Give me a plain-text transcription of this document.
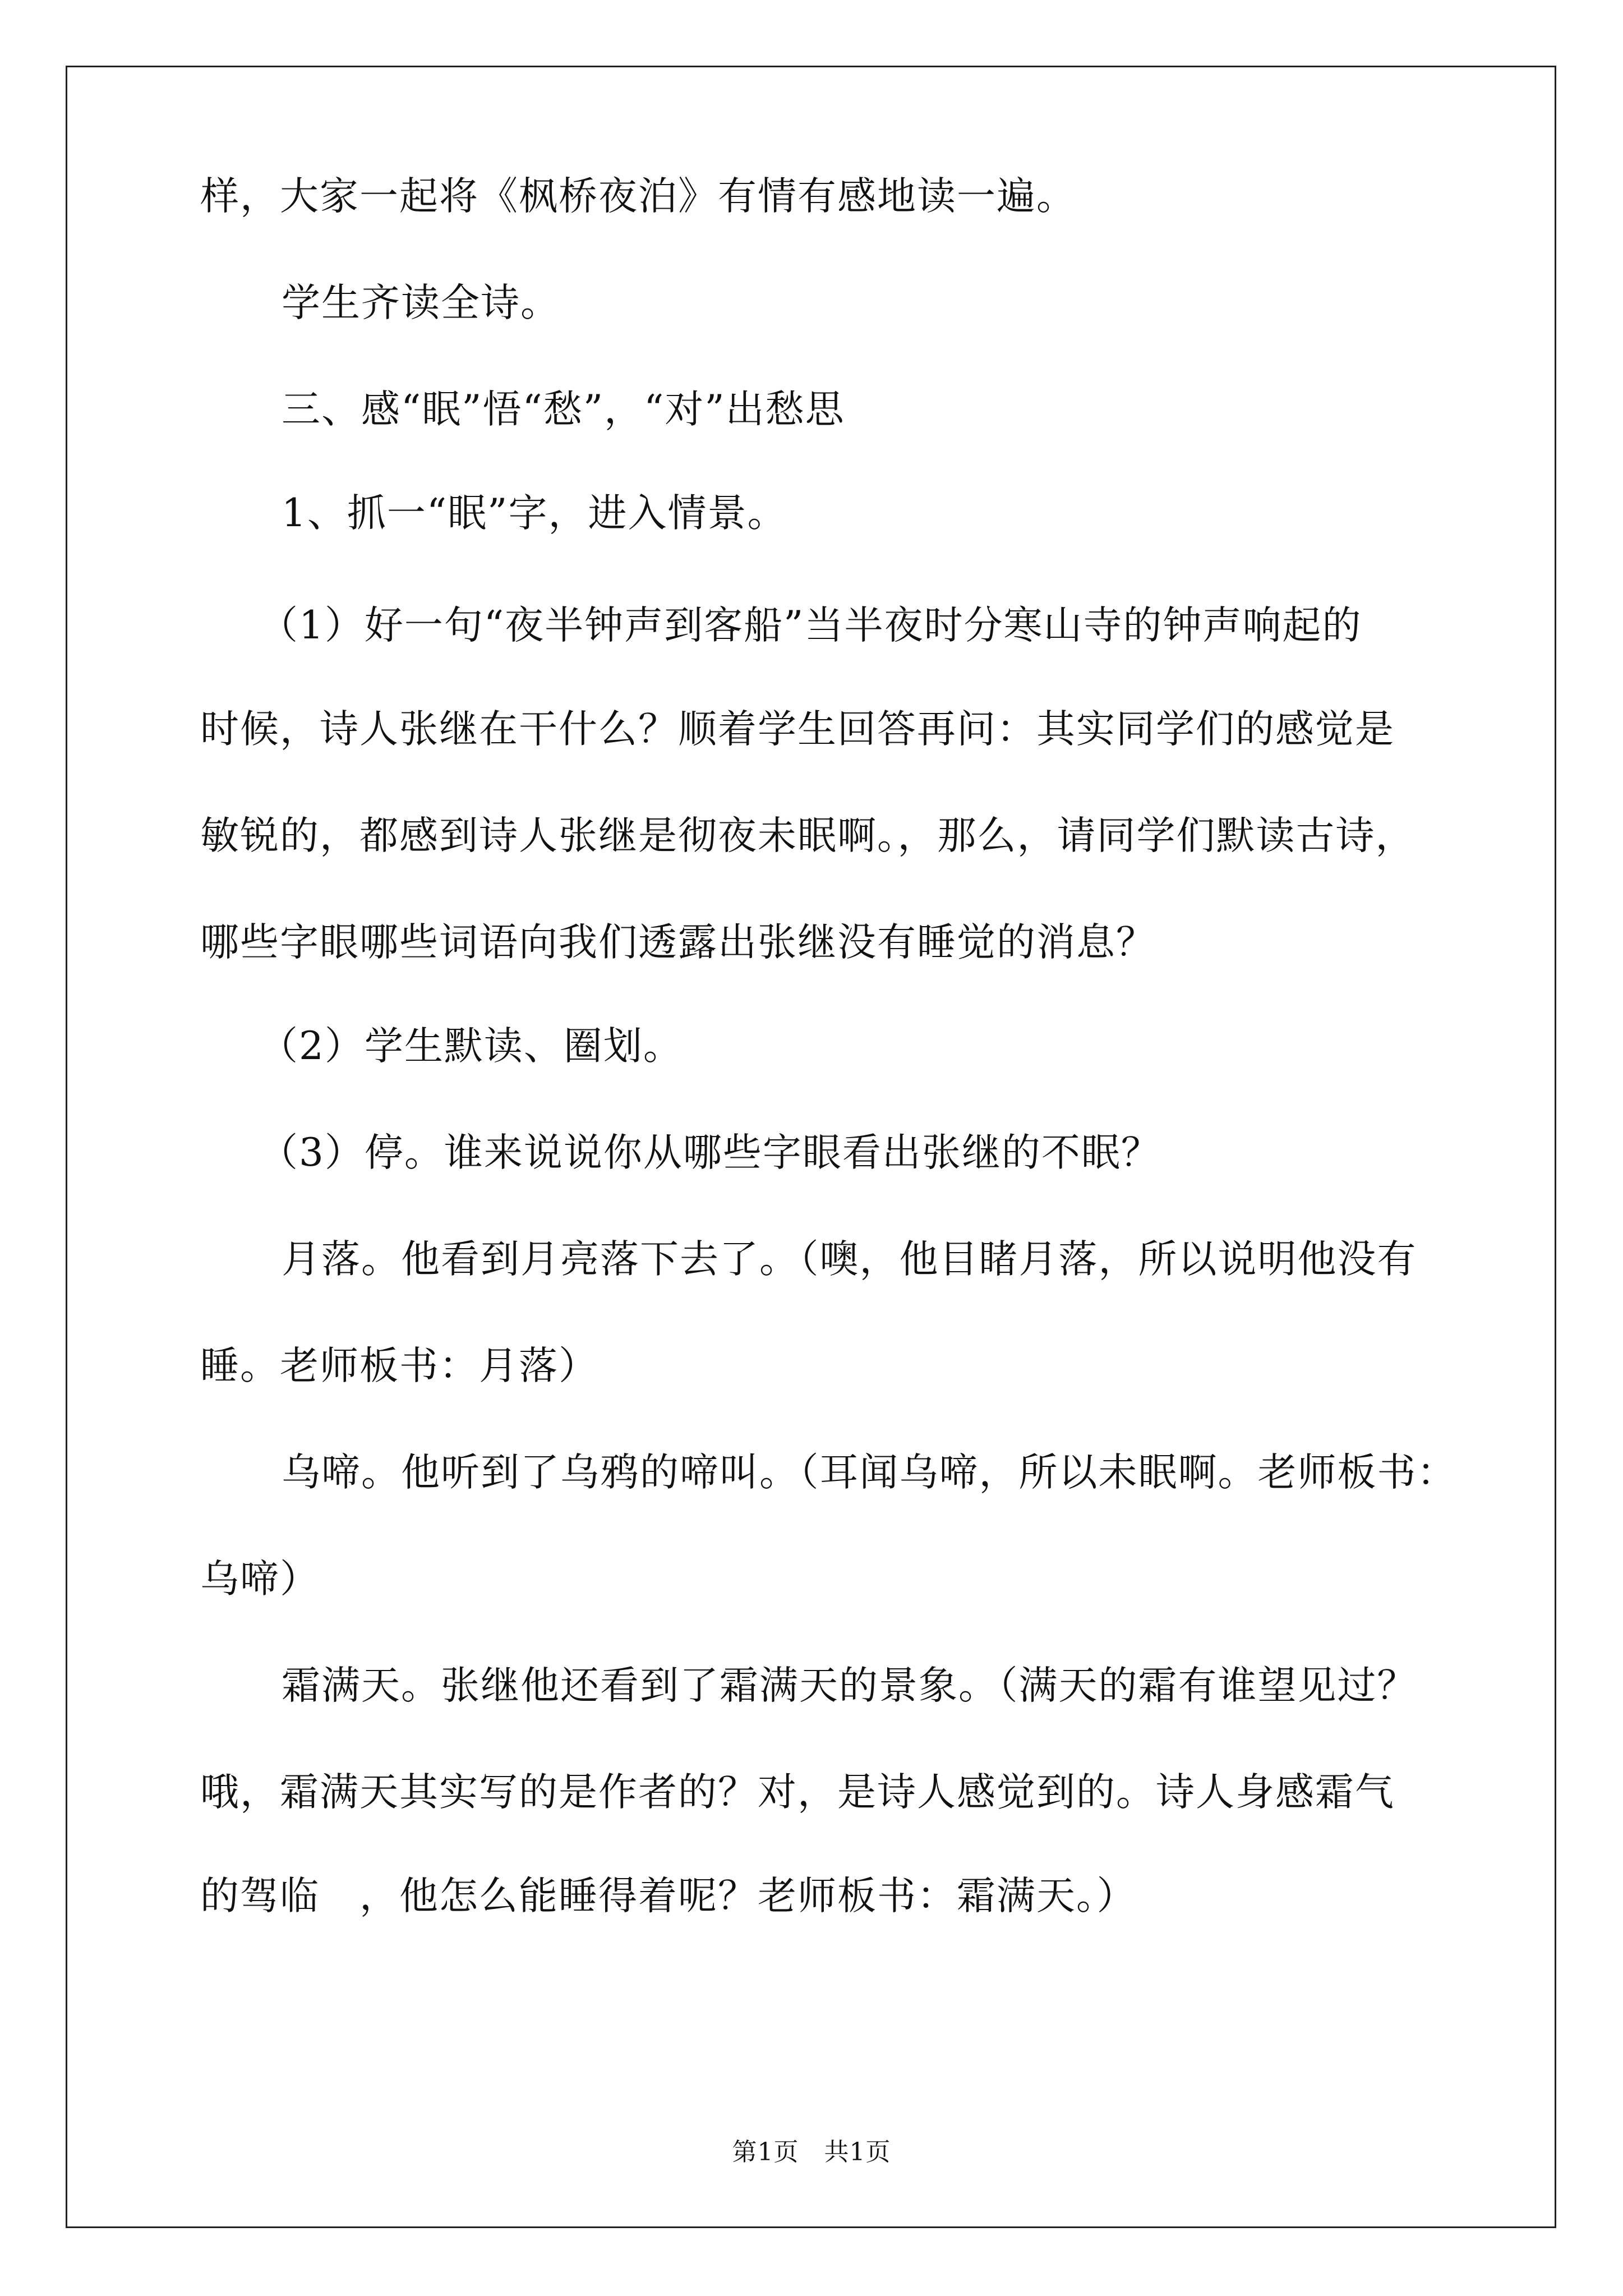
样，大家一起将《枫桥夜泊》有情有感地读一遍。
学生齐读全诗。
三、感“眠”悟“愁”，“对”出愁思
1、抓一“眠”字，进入情景。
（1）好一句“夜半钟声到客船”当半夜时分寒山寺的钟声响起的
时候，诗人张继在干什么？顺着学生回答再问：其实同学们的感觉是
敏锐的，都感到诗人张继是彻夜未眠啊。，那么，请同学们默读古诗，
哪些字眼哪些词语向我们透露出张继没有睡觉的消息？
（2）学生默读、圈划。
（3）停。谁来说说你从哪些字眼看出张继的不眠？
月落。他看到月亮落下去了。（噢，他目睹月落，所以说明他没有
睡。老师板书：月落）
乌啼。他听到了乌鸦的啼叫。（耳闻乌啼，所以未眠啊。老师板书：
乌啼）
霜满天。张继他还看到了霜满天的景象。（满天的霜有谁望见过？
哦，霜满天其实写的是作者的？对，是诗人感觉到的。诗人身感霜气
的驾临　，他怎么能睡得着呢？老师板书：霜满天。）
第1页　共1页
